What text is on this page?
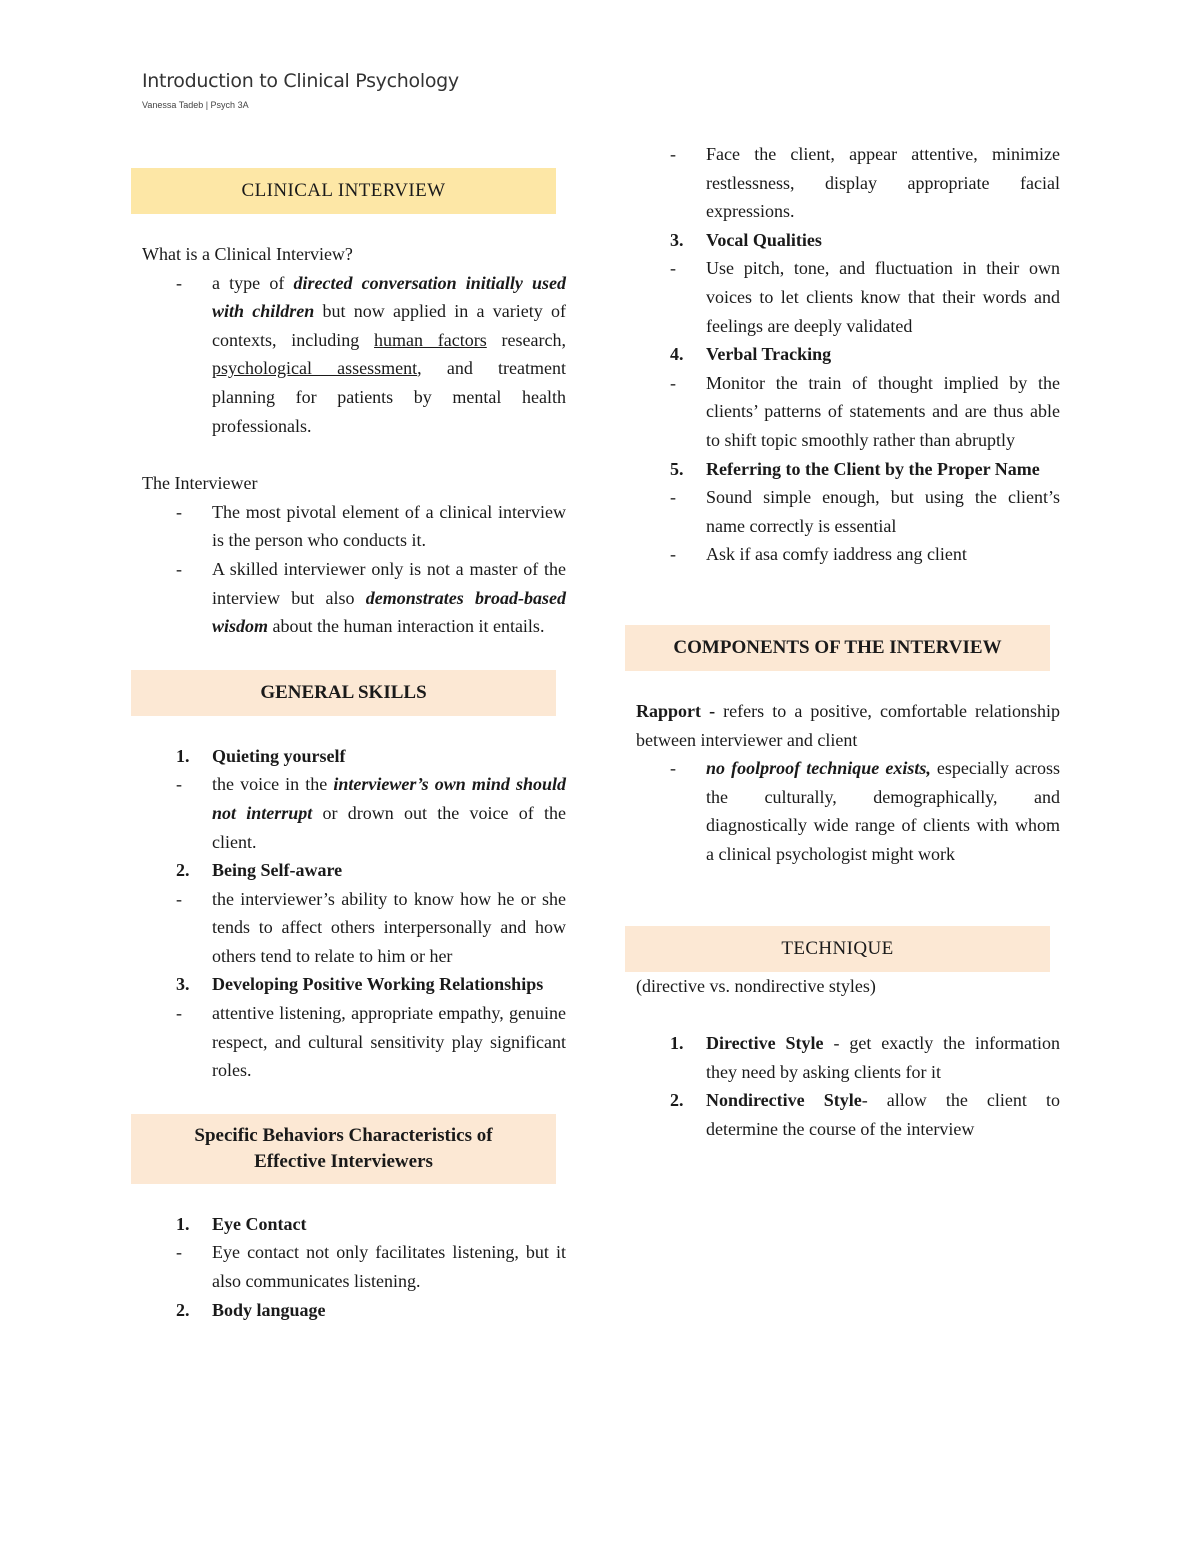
Introduction to Clinical Psychology
Vanessa Tadeb | Psych 3A
CLINICAL INTERVIEW
What is a Clinical Interview?
- a type of directed conversation initially used with children but now applied in a variety of contexts, including human factors research, psychological assessment, and treatment planning for patients by mental health professionals.
The Interviewer
- The most pivotal element of a clinical interview is the person who conducts it.
- A skilled interviewer only is not a master of the interview but also demonstrates broad-based wisdom about the human interaction it entails.
GENERAL SKILLS
1. Quieting yourself
- the voice in the interviewer’s own mind should not interrupt or drown out the voice of the client.
2. Being Self-aware
- the interviewer’s ability to know how he or she tends to affect others interpersonally and how others tend to relate to him or her
3. Developing Positive Working Relationships
- attentive listening, appropriate empathy, genuine respect, and cultural sensitivity play significant roles.
Specific Behaviors Characteristics of Effective Interviewers
1. Eye Contact
- Eye contact not only facilitates listening, but it also communicates listening.
2. Body language
- Face the client, appear attentive, minimize restlessness, display appropriate facial expressions.
3. Vocal Qualities
- Use pitch, tone, and fluctuation in their own voices to let clients know that their words and feelings are deeply validated
4. Verbal Tracking
- Monitor the train of thought implied by the clients’ patterns of statements and are thus able to shift topic smoothly rather than abruptly
5. Referring to the Client by the Proper Name
- Sound simple enough, but using the client’s name correctly is essential
- Ask if asa comfy iaddress ang client
COMPONENTS OF THE INTERVIEW
Rapport - refers to a positive, comfortable relationship between interviewer and client
- no foolproof technique exists, especially across the culturally, demographically, and diagnostically wide range of clients with whom a clinical psychologist might work
TECHNIQUE
(directive vs. nondirective styles)
1. Directive Style - get exactly the information they need by asking clients for it
2. Nondirective Style- allow the client to determine the course of the interview
